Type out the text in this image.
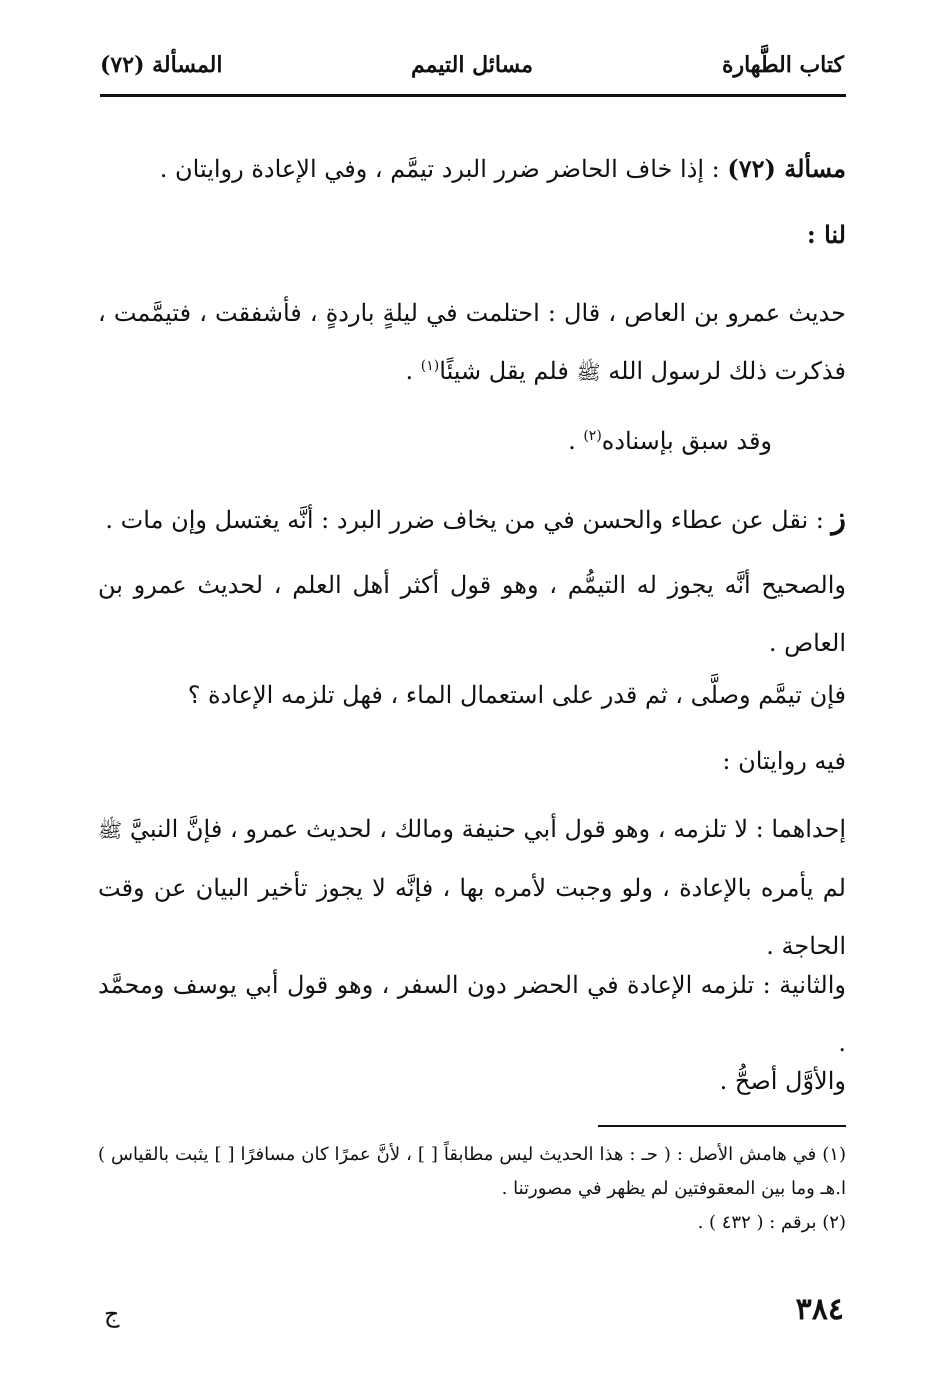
كتاب الطَّهارة
مسائل التيمم
المسألة (٧٢)
مسألة (٧٢) : إذا خاف الحاضر ضرر البرد تيمَّم ، وفي الإعادة روايتان .
لنا :
حديث عمرو بن العاص ، قال : احتلمت في ليلةٍ باردةٍ ، فأشفقت ، فتيمَّمت ، فذكرت ذلك لرسول الله ﷺ فلم يقل شيئًا$^{(١)}$ .
وقد سبق بإسناده$^{(٢)}$ .
ز : نقل عن عطاء والحسن في من يخاف ضرر البرد : أنَّه يغتسل وإن مات .
والصحيح أنَّه يجوز له التيمُّم ، وهو قول أكثر أهل العلم ، لحديث عمرو بن العاص .
فإن تيمَّم وصلَّى ، ثم قدر على استعمال الماء ، فهل تلزمه الإعادة ؟
فيه روايتان :
إحداهما : لا تلزمه ، وهو قول أبي حنيفة ومالك ، لحديث عمرو ، فإنَّ النبيَّ ﷺ لم يأمره بالإعادة ، ولو وجبت لأمره بها ، فإنَّه لا يجوز تأخير البيان عن وقت الحاجة .
والثانية : تلزمه الإعادة في الحضر دون السفر ، وهو قول أبي يوسف ومحمَّد .
والأوَّل أصحُّ .

(١) في هامش الأصل : ( حـ : هذا الحديث ليس مطابقاً [ ] ، لأنَّ عمرًا كان مسافرًا [ ] يثبت بالقياس ) ا.هـ وما بين المعقوفتين لم يظهر في مصورتنا .

(٢) برقم : ( ٤٣٢ ) .

٣٨٤
ج
